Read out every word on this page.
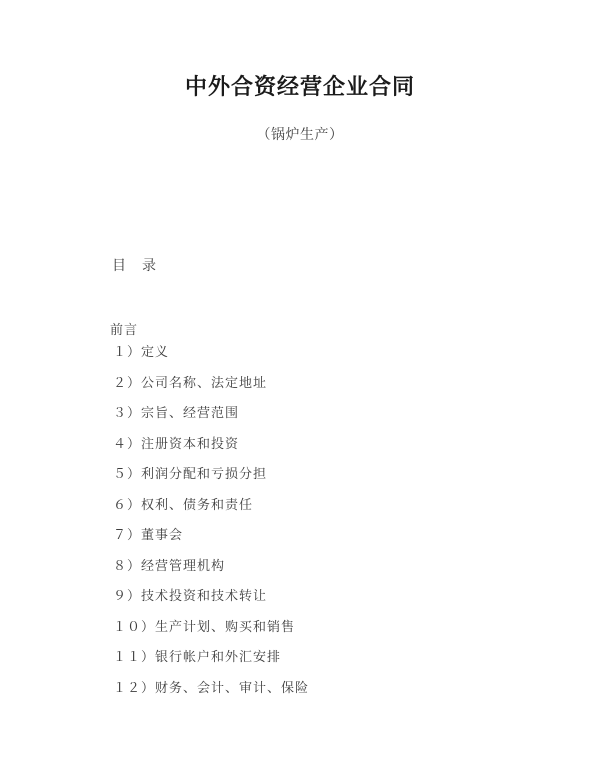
中外合资经营企业合同
（锅炉生产）
目　录
前言
１）定义
２）公司名称、法定地址
３）宗旨、经营范围
４）注册资本和投资
５）利润分配和亏损分担
６）权利、债务和责任
７）董事会
８）经营管理机构
９）技术投资和技术转让
１０）生产计划、购买和销售
１１）银行帐户和外汇安排
１２）财务、会计、审计、保险
